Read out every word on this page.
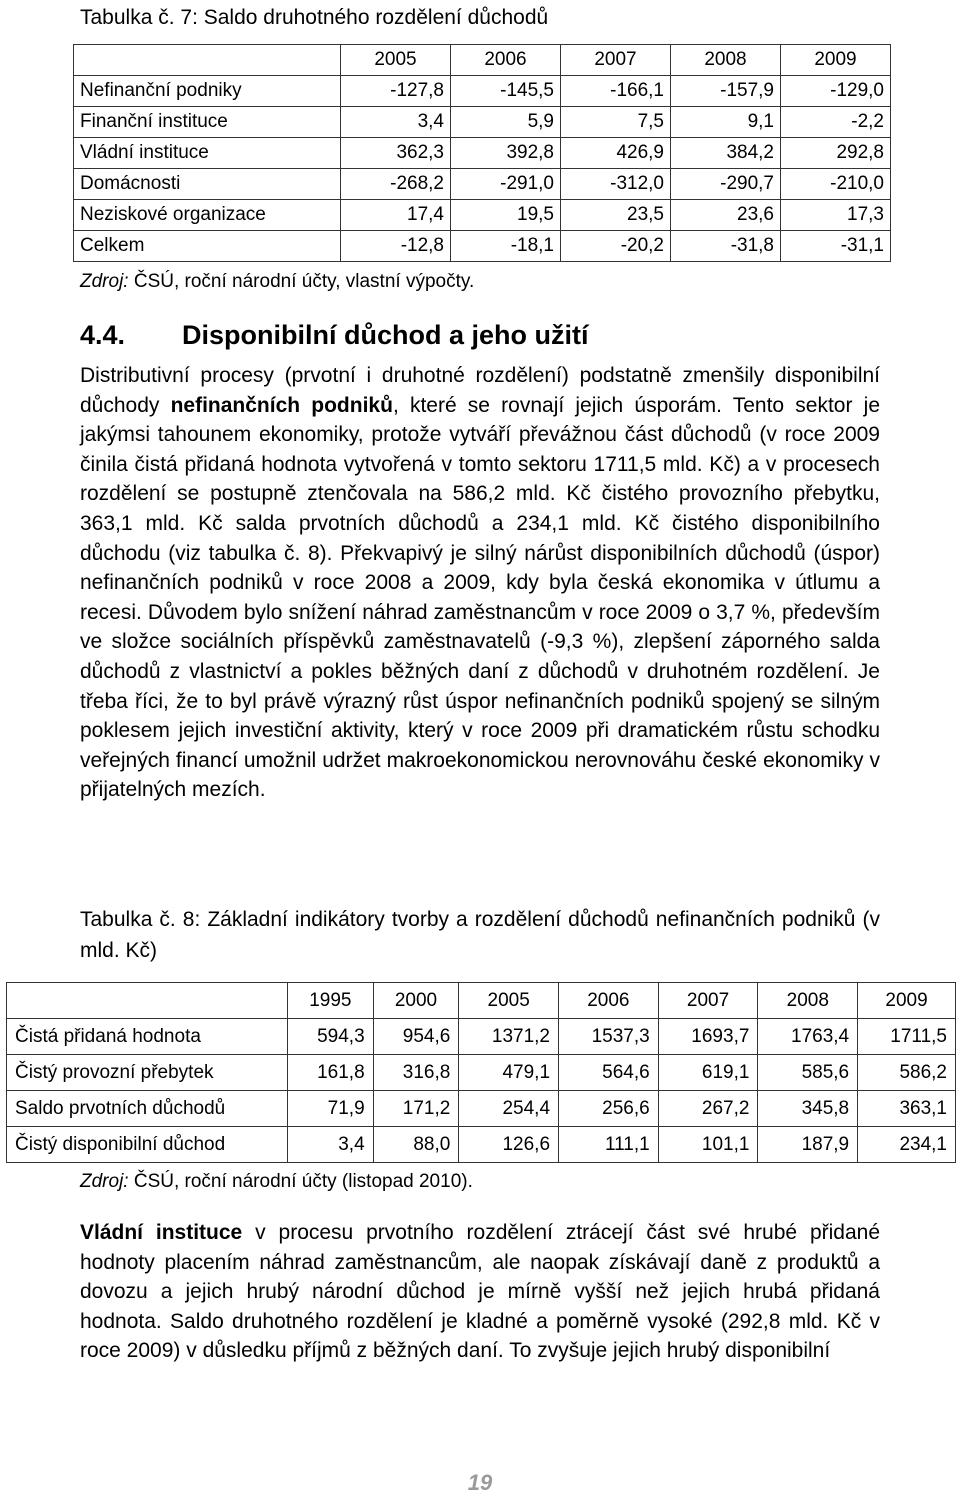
Tabulka č. 7: Saldo druhotného rozdělení důchodů
	2005	2006	2007	2008	2009
Nefinanční podniky	-127,8	-145,5	-166,1	-157,9	-129,0
Finanční instituce	3,4	5,9	7,5	9,1	-2,2
Vládní instituce	362,3	392,8	426,9	384,2	292,8
Domácnosti	-268,2	-291,0	-312,0	-290,7	-210,0
Neziskové organizace	17,4	19,5	23,5	23,6	17,3
Celkem	-12,8	-18,1	-20,2	-31,8	-31,1
Zdroj: ČSÚ, roční národní účty, vlastní výpočty.
4.4. Disponibilní důchod a jeho užití
Distributivní procesy (prvotní i druhotné rozdělení) podstatně zmenšily disponibilní důchody nefinančních podniků, které se rovnají jejich úsporám. Tento sektor je jakýmsi tahounem ekonomiky, protože vytváří převážnou část důchodů (v roce 2009 činila čistá přidaná hodnota vytvořená v tomto sektoru 1711,5 mld. Kč) a v procesech rozdělení se postupně ztenčovala na 586,2 mld. Kč čistého provozního přebytku, 363,1 mld. Kč salda prvotních důchodů a 234,1 mld. Kč čistého disponibilního důchodu (viz tabulka č. 8). Překvapivý je silný nárůst disponibilních důchodů (úspor) nefinančních podniků v roce 2008 a 2009, kdy byla česká ekonomika v útlumu a recesi. Důvodem bylo snížení náhrad zaměstnancům v roce 2009 o 3,7 %, především ve složce sociálních příspěvků zaměstnavatelů (-9,3 %), zlepšení záporného salda důchodů z vlastnictví a pokles běžných daní z důchodů v druhotném rozdělení. Je třeba říci, že to byl právě výrazný růst úspor nefinančních podniků spojený se silným poklesem jejich investiční aktivity, který v roce 2009 při dramatickém růstu schodku veřejných financí umožnil udržet makroekonomickou nerovnováhu české ekonomiky v přijatelných mezích.
Tabulka č. 8: Základní indikátory tvorby a rozdělení důchodů nefinančních podniků (v mld. Kč)
	1995	2000	2005	2006	2007	2008	2009
Čistá přidaná hodnota	594,3	954,6	1371,2	1537,3	1693,7	1763,4	1711,5
Čistý provozní přebytek	161,8	316,8	479,1	564,6	619,1	585,6	586,2
Saldo prvotních důchodů	71,9	171,2	254,4	256,6	267,2	345,8	363,1
Čistý disponibilní důchod	3,4	88,0	126,6	111,1	101,1	187,9	234,1
Zdroj: ČSÚ, roční národní účty (listopad 2010).
Vládní instituce v procesu prvotního rozdělení ztrácejí část své hrubé přidané hodnoty placením náhrad zaměstnancům, ale naopak získávají daně z produktů a dovozu a jejich hrubý národní důchod je mírně vyšší než jejich hrubá přidaná hodnota. Saldo druhotného rozdělení je kladné a poměrně vysoké (292,8 mld. Kč v roce 2009) v důsledku příjmů z běžných daní. To zvyšuje jejich hrubý disponibilní
19
